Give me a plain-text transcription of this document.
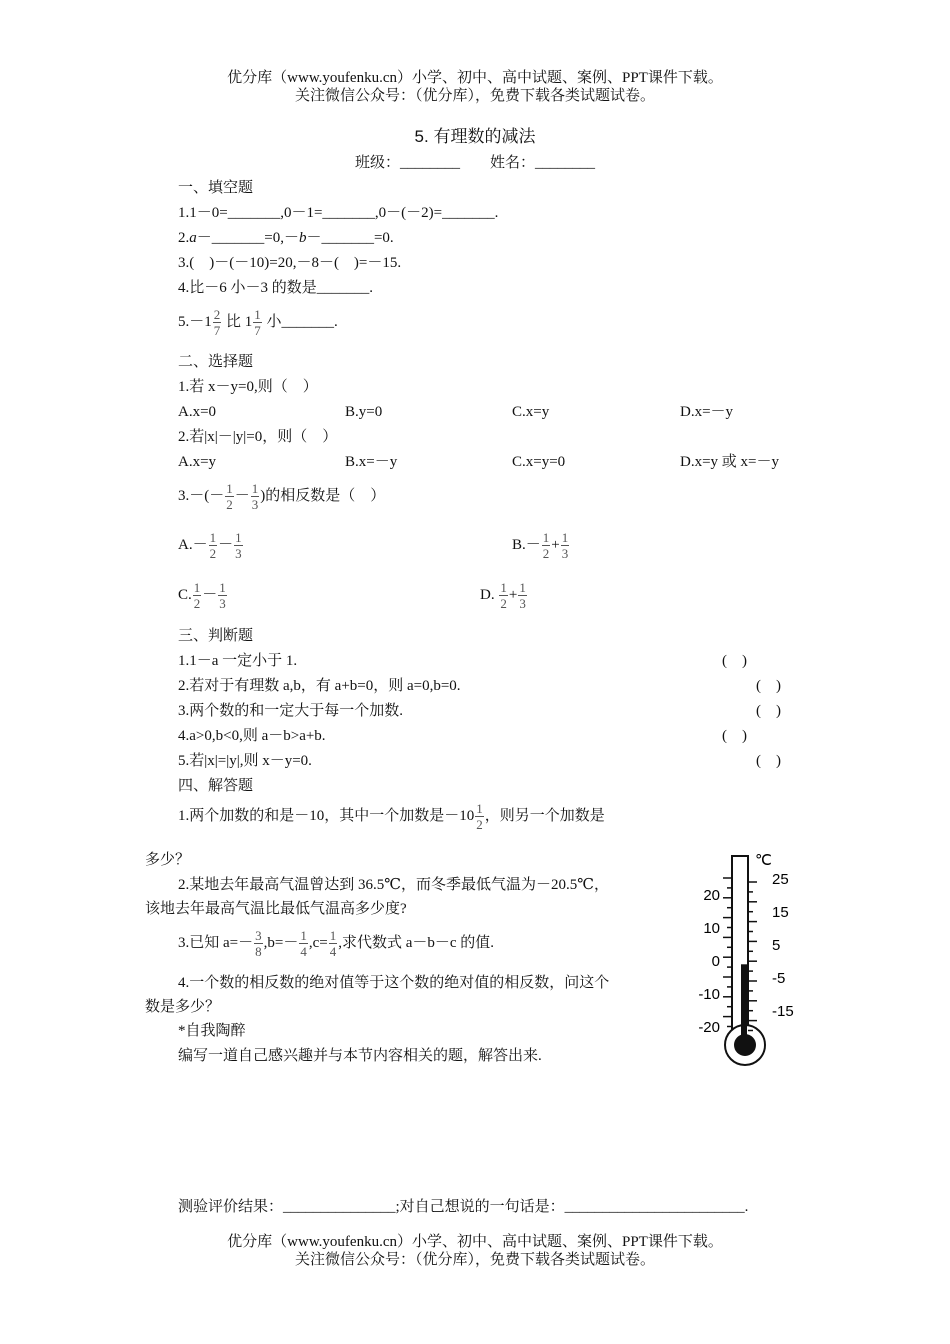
优分库（www.youfenku.cn）小学、初中、高中试题、案例、PPT课件下载。
关注微信公众号：（优分库），免费下载各类试题试卷。
5. 有理数的减法
班级：________　　姓名：________
一、填空题
1.1－0=_______,0－1=_______,0－(－2)=_______.
2.a－_______=0,－b－_______=0.
3.(　)－(－10)=20,－8－(　)=－15.
4.比－6 小－3 的数是_______.
$5.-1 \frac{2}{7}$ 比 $1 \frac{1}{7}$ 小_______.
二、选择题
1.若 x－y=0,则（　）
A.x=0	B.y=0	C.x=y	D.x=－y
2.若|x|－|y|=0，则（　）
A.x=y	B.x=－y	C.x=y=0	D.x=y 或 x=－y
$3.-(- \frac{1}{2} - \frac{1}{3}$ )的相反数是（　）
$A.- \frac{1}{2} - \frac{1}{3}$	$B.- \frac{1}{2} + \frac{1}{3}$
C. $\frac{1}{2} - \frac{1}{3}$	D. $\frac{1}{2} + \frac{1}{3}$
三、判断题
1.1－a 一定小于 1.	(　)
2.若对于有理数 a,b，有 a+b=0，则 a=0,b=0.	(　)
3.两个数的和一定大于每一个加数.	(　)
4.a>0,b<0,则 a－b>a+b.	(　)
5.若|x|=|y|,则 x－y=0.	(　)
四、解答题
1.两个加数的和是－10，其中一个加数是$-10 \frac{1}{2}$ ，则另一个加数是
多少？
2.某地去年最高气温曾达到 36.5℃，而冬季最低气温为－20.5℃，
该地去年最高气温比最低气温高多少度?
3.已知 $a=- \frac{3}{8} ,b=- \frac{1}{4} ,c= \frac{1}{4}$ ,求代数式 a－b－c 的值.
4.一个数的相反数的绝对值等于这个数的绝对值的相反数，问这个
数是多少？
*自我陶醉
编写一道自己感兴趣并与本节内容相关的题，解答出来.
℃
20
10
0
-10
-20
25
15
5
-5
-15
测验评价结果：_______________;对自己想说的一句话是：________________________.
优分库（www.youfenku.cn）小学、初中、高中试题、案例、PPT课件下载。
关注微信公众号：（优分库），免费下载各类试题试卷。
